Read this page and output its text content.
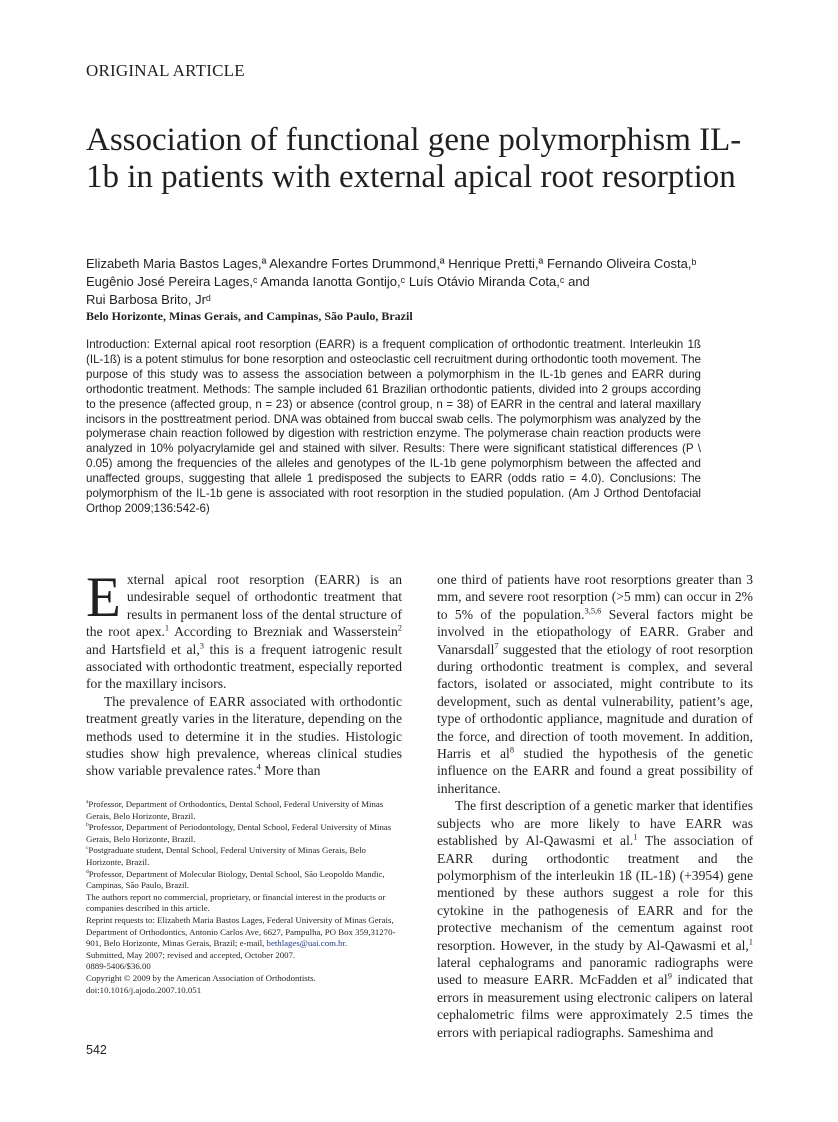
ORIGINAL ARTICLE
Association of functional gene polymorphism IL-1b in patients with external apical root resorption
Elizabeth Maria Bastos Lages,ª Alexandre Fortes Drummond,ª Henrique Pretti,ª Fernando Oliveira Costa,ᵇ
Eugênio José Pereira Lages,ᶜ Amanda Ianotta Gontijo,ᶜ Luís Otávio Miranda Cota,ᶜ and
Rui Barbosa Brito, Jrᵈ
Belo Horizonte, Minas Gerais, and Campinas, São Paulo, Brazil
Introduction: External apical root resorption (EARR) is a frequent complication of orthodontic treatment. Interleukin 1ß (IL-1ß) is a potent stimulus for bone resorption and osteoclastic cell recruitment during orthodontic tooth movement. The purpose of this study was to assess the association between a polymorphism in the IL-1b genes and EARR during orthodontic treatment. Methods: The sample included 61 Brazilian orthodontic patients, divided into 2 groups according to the presence (affected group, n = 23) or absence (control group, n = 38) of EARR in the central and lateral maxillary incisors in the posttreatment period. DNA was obtained from buccal swab cells. The polymorphism was analyzed by the polymerase chain reaction followed by digestion with restriction enzyme. The polymerase chain reaction products were analyzed in 10% polyacrylamide gel and stained with silver. Results: There were significant statistical differences (P \ 0.05) among the frequencies of the alleles and genotypes of the IL-1b gene polymorphism between the affected and unaffected groups, suggesting that allele 1 predisposed the subjects to EARR (odds ratio = 4.0). Conclusions: The polymorphism of the IL-1b gene is associated with root resorption in the studied population. (Am J Orthod Dentofacial Orthop 2009;136:542-6)

External apical root resorption (EARR) is an undesirable sequel of orthodontic treatment that results in permanent loss of the dental structure of the root apex.$^1$ According to Brezniak and Wasserstein$^2$ and Hartsfield et al,$^3$ this is a frequent iatrogenic result associated with orthodontic treatment, especially reported for the maxillary incisors.

The prevalence of EARR associated with orthodontic treatment greatly varies in the literature, depending on the methods used to determine it in the studies. Histologic studies show high prevalence, whereas clinical studies show variable prevalence rates.$^4$ More than

one third of patients have root resorptions greater than 3 mm, and severe root resorption (>5 mm) can occur in 2% to 5% of the population.$^{3,5,6}$ Several factors might be involved in the etiopathology of EARR. Graber and Vanarsdall$^7$ suggested that the etiology of root resorption during orthodontic treatment is complex, and several factors, isolated or associated, might contribute to its development, such as dental vulnerability, patient’s age, type of orthodontic appliance, magnitude and duration of the force, and direction of tooth movement. In addition, Harris et $al^8$ studied the hypothesis of the genetic influence on the EARR and found a great possibility of inheritance.

The first description of a genetic marker that identifies subjects who are more likely to have EARR was established by Al-Qawasmi et al.$^1$ The association of EARR during orthodontic treatment and the polymorphism of the interleukin 1ß (IL-1ß) (+3954) gene mentioned by these authors suggest a role for this cytokine in the pathogenesis of EARR and for the protective mechanism of the cementum against root resorption. However, in the study by Al-Qawasmi et al,$^1$ lateral cephalograms and panoramic radiographs were used to measure EARR. McFadden et $al^9$ indicated that errors in measurement using electronic calipers on lateral cephalometric films were approximately 2.5 times the errors with periapical radiographs. Sameshima and

$^a$Professor, Department of Orthodontics, Dental School, Federal University of Minas Gerais, Belo Horizonte, Brazil.

$^b$Professor, Department of Periodontology, Dental School, Federal University of Minas Gerais, Belo Horizonte, Brazil.

$^c$Postgraduate student, Dental School, Federal University of Minas Gerais, Belo Horizonte, Brazil.

$^d$Professor, Department of Molecular Biology, Dental School, São Leopoldo Mandic, Campinas, São Paulo, Brazil.

The authors report no commercial, proprietary, or financial interest in the products or companies described in this article.

Reprint requests to: Elizabeth Maria Bastos Lages, Federal University of Minas Gerais, Department of Orthodontics, Antonio Carlos Ave, 6627, Pampulha, PO Box 359,31270-901, Belo Horizonte, Minas Gerais, Brazil; e-mail, bethlages@uai.com.br.

Submitted, May 2007; revised and accepted, October 2007.

0889-5406/$36.00

Copyright © 2009 by the American Association of Orthodontists.

doi:10.1016/j.ajodo.2007.10.051

542
